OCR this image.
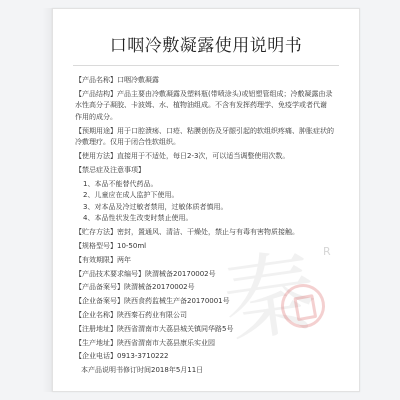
口咽冷敷凝露使用说明书
【产品名称】口咽冷敷凝露
【产品结构】产品主要由冷敷凝露及塑料瓶(带喷涂头)或铝塑管组成；冷敷凝露由录
水性高分子凝胶、卡波姆、水、植物油组成。不含有发挥药理学、免疫学或者代谢
作用的成分。
【预期用途】用于口腔溃疡、口疮、粘膜创伤及牙龈引起的软组织疼痛、肿胀症状的
冷敷理疗。仅用于闭合性软组织。
【使用方法】直接用于不适处，每日2-3次，可以适当调整使用次数。
【禁忌症及注意事项】
1、本品不能替代药品。
2、儿童应在成人监护下使用。
3、对本品及冷过敏者禁用，过敏体质者慎用。
4、本品性状发生改变时禁止使用。
【贮存方法】密封，置通风、清洁、干燥处，禁止与有毒有害物质接触。
【规格型号】10-50ml
【有效期限】两年
【产品技术要求编号】陕渭械备20170002号
【产品备案号】陕渭械备20170002号
【企业备案号】陕西食药监械生产备20170001号
【企业名称】陕西秦石药业有限公司
【注册地址】陕西省渭南市大荔县城关镇同华路5号
【生产地址】陕西省渭南市大荔县康乐实业园
【企业电话】0913-3710222
本产品说明书修订时间2018年5月11日
秦 R
